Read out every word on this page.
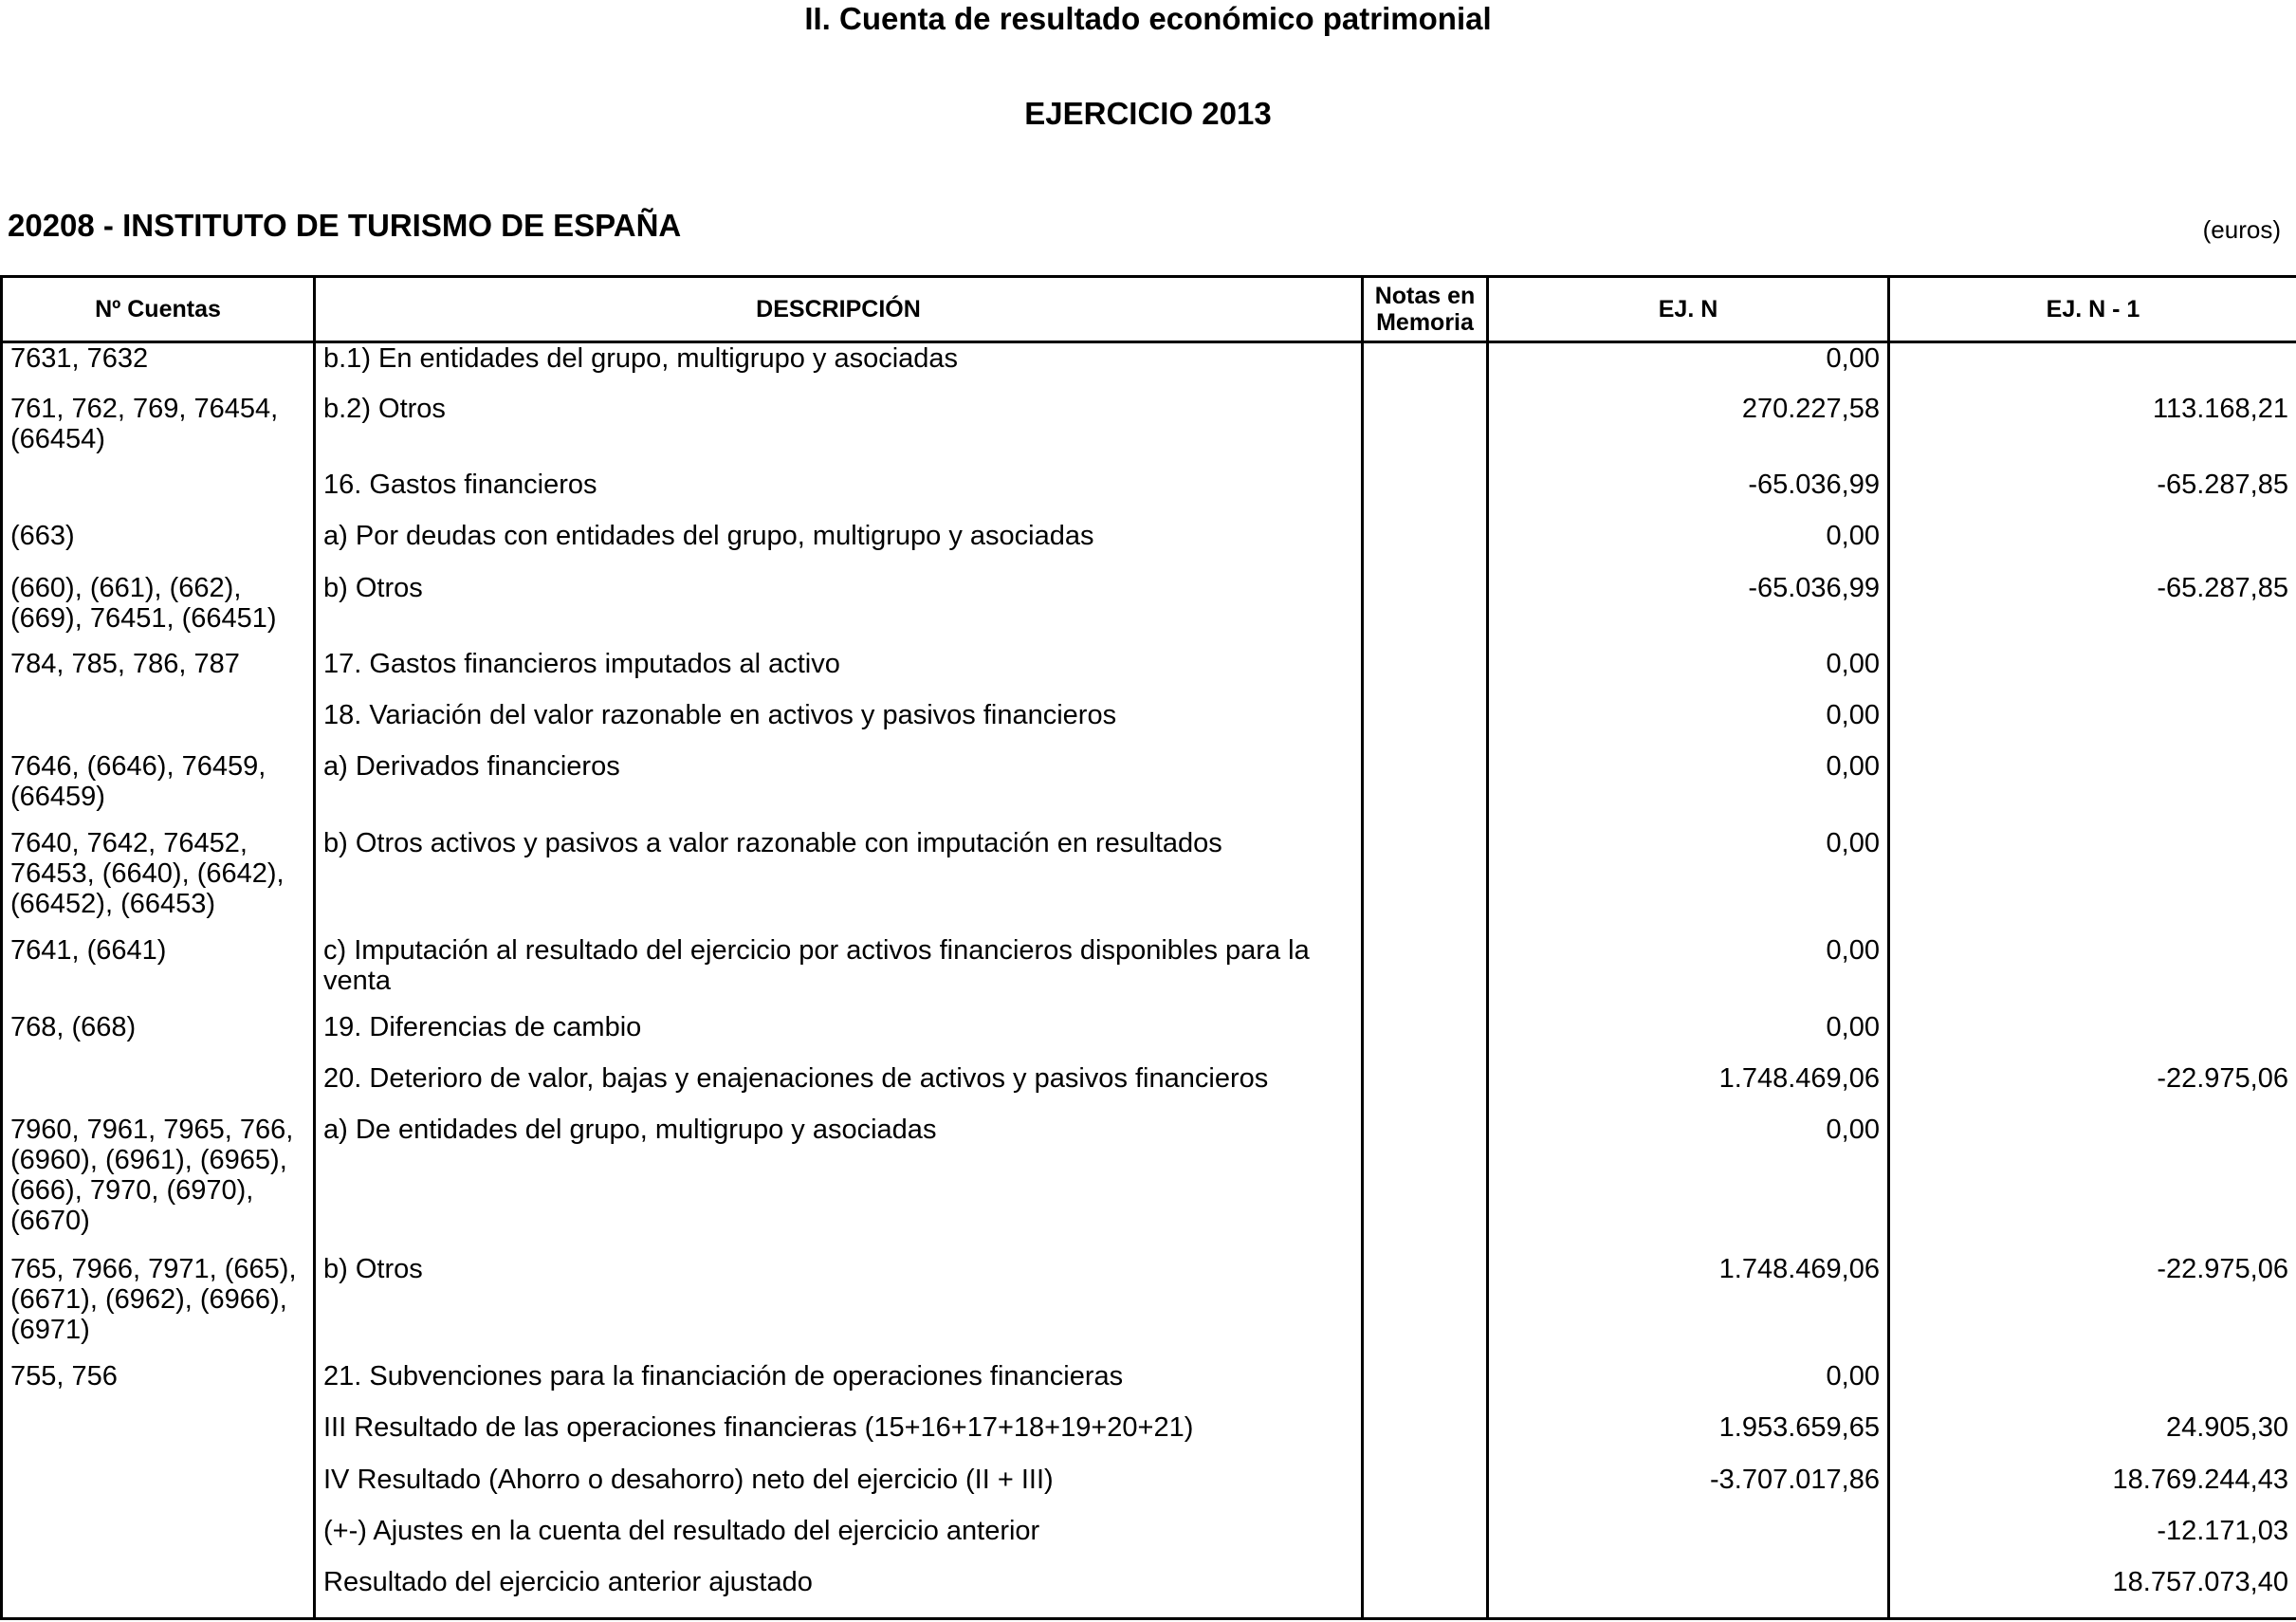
II. Cuenta de resultado económico patrimonial
EJERCICIO 2013
20208 - INSTITUTO DE TURISMO DE ESPAÑA	(euros)
Nº Cuentas	DESCRIPCIÓN	Notas en Memoria	EJ. N	EJ. N - 1
7631, 7632	b.1) En entidades del grupo, multigrupo y asociadas		0,00	
761, 762, 769, 76454, (66454)	b.2) Otros		270.227,58	113.168,21
	16. Gastos financieros		-65.036,99	-65.287,85
(663)	a) Por deudas con entidades del grupo, multigrupo y asociadas		0,00	
(660), (661), (662), (669), 76451, (66451)	b) Otros		-65.036,99	-65.287,85
784, 785, 786, 787	17. Gastos financieros imputados al activo		0,00	
	18. Variación del valor razonable en activos y pasivos financieros		0,00	
7646, (6646), 76459, (66459)	a) Derivados financieros		0,00	
7640, 7642, 76452, 76453, (6640), (6642), (66452), (66453)	b) Otros activos y pasivos a valor razonable con imputación en resultados		0,00	
7641, (6641)	c) Imputación al resultado del ejercicio por activos financieros disponibles para la venta		0,00	
768, (668)	19. Diferencias de cambio		0,00	
	20. Deterioro de valor, bajas y enajenaciones de activos y pasivos financieros		1.748.469,06	-22.975,06
7960, 7961, 7965, 766, (6960), (6961), (6965), (666), 7970, (6970), (6670)	a) De entidades del grupo, multigrupo y asociadas		0,00	
765, 7966, 7971, (665), (6671), (6962), (6966), (6971)	b) Otros		1.748.469,06	-22.975,06
755, 756	21. Subvenciones para la financiación de operaciones financieras		0,00	
	III Resultado de las operaciones financieras (15+16+17+18+19+20+21)		1.953.659,65	24.905,30
	IV Resultado (Ahorro o desahorro) neto del ejercicio (II + III)		-3.707.017,86	18.769.244,43
	(+-) Ajustes en la cuenta del resultado del ejercicio anterior			-12.171,03
	Resultado del ejercicio anterior ajustado			18.757.073,40
